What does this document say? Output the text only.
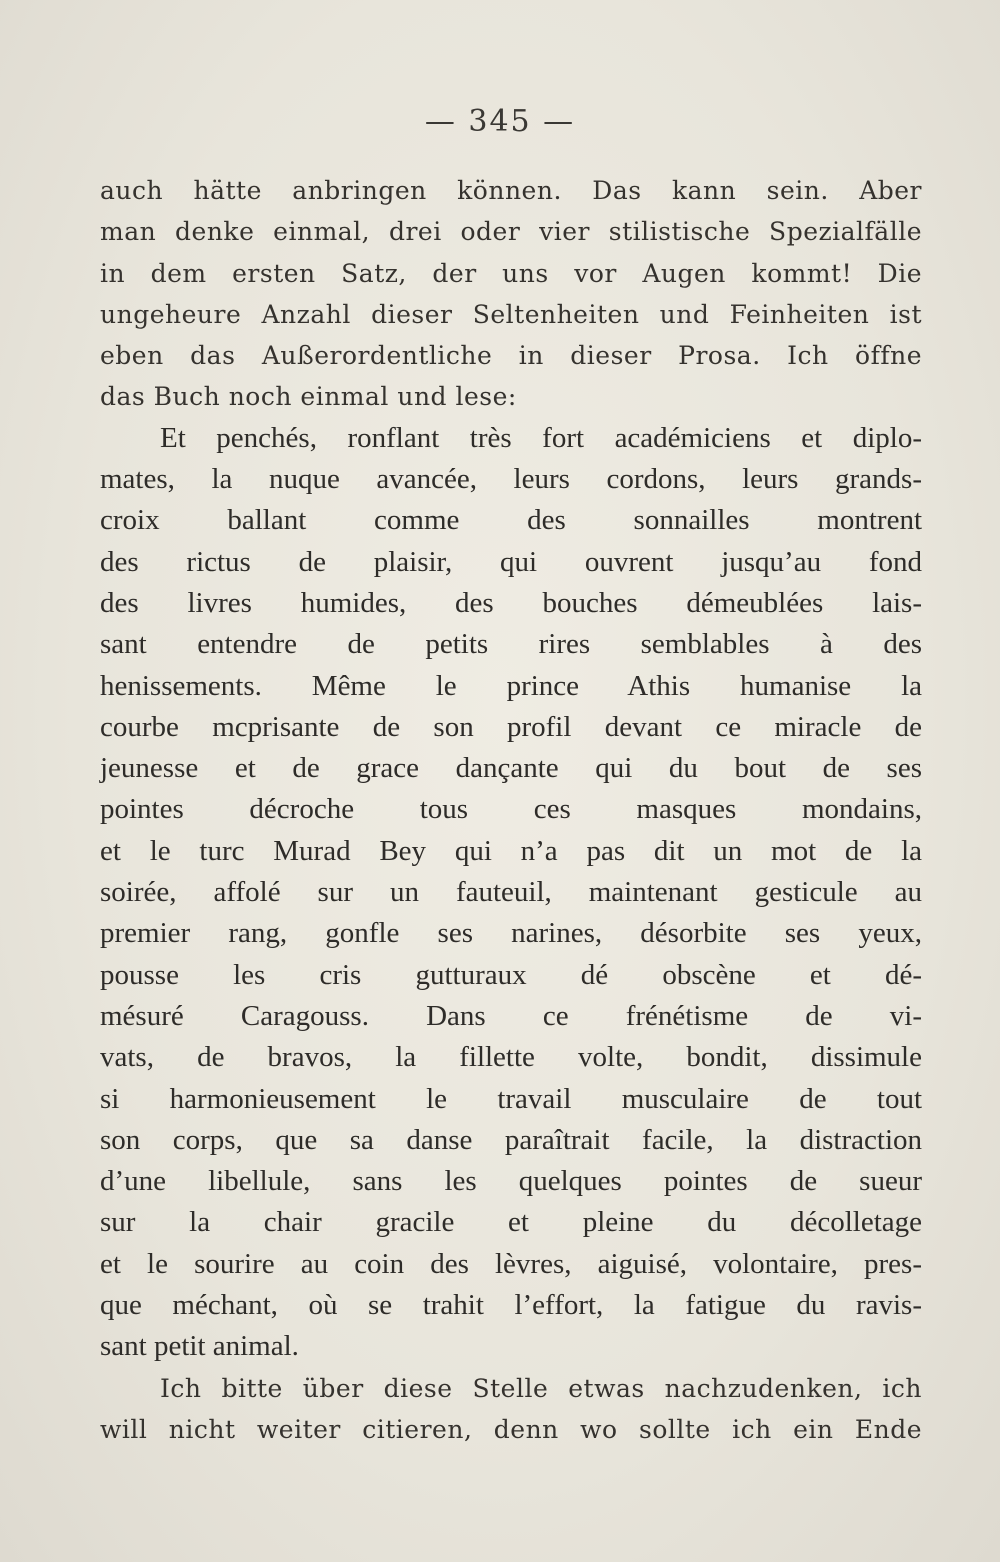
— 345 —
auch hätte anbringen können. Das kann sein. Aber
man denke einmal, drei oder vier stilistische Spezialfälle
in dem ersten Satz, der uns vor Augen kommt! Die
ungeheure Anzahl dieser Seltenheiten und Feinheiten ist
eben das Außerordentliche in dieser Prosa. Ich öffne
das Buch noch einmal und lese:
Et penchés, ronflant très fort académiciens et diplo-
mates, la nuque avancée, leurs cordons, leurs grands-
croix ballant comme des sonnailles montrent
des rictus de plaisir, qui ouvrent jusqu’au fond
des livres humides, des bouches démeublées lais-
sant entendre de petits rires semblables à des
henissements. Même le prince Athis humanise la
courbe mcprisante de son profil devant ce miracle de
jeunesse et de grace dançante qui du bout de ses
pointes décroche tous ces masques mondains,
et le turc Murad Bey qui n’a pas dit un mot de la
soirée, affolé sur un fauteuil, maintenant gesticule au
premier rang, gonfle ses narines, désorbite ses yeux,
pousse les cris gutturaux dé obscène et dé-
mésuré Caragouss. Dans ce frénétisme de vi-
vats, de bravos, la fillette volte, bondit, dissimule
si harmonieusement le travail musculaire de tout
son corps, que sa danse paraîtrait facile, la distraction
d’une libellule, sans les quelques pointes de sueur
sur la chair gracile et pleine du décolletage
et le sourire au coin des lèvres, aiguisé, volontaire, pres-
que méchant, où se trahit l’effort, la fatigue du ravis-
sant petit animal.
Ich bitte über diese Stelle etwas nachzudenken, ich
will nicht weiter citieren, denn wo sollte ich ein Ende
